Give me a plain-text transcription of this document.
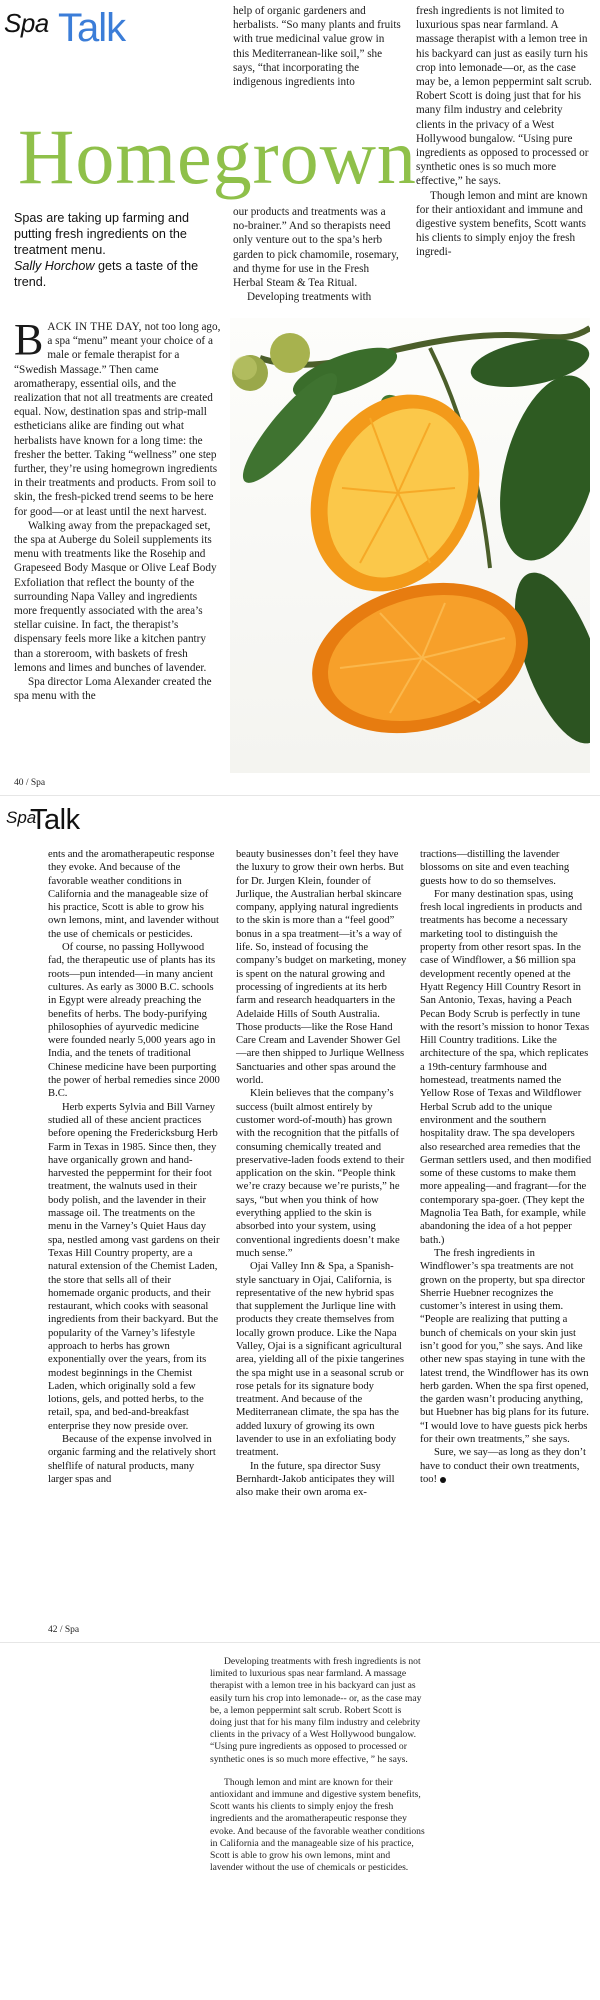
Spa Talk	help of organic gardeners and herbalists. “So many plants and fruits with true medicinal value grow in this Mediterranean-like soil,” she says, “that incorporating the indigenous ingredients into

our products and treatments was a no-brainer.” And so therapists need only venture out to the spa’s herb garden to pick chamomile, rosemary, and thyme for use in the Fresh Herbal Steam & Tea Ritual.

Developing treatments with

fresh ingredients is not limited to luxurious spas near farmland. A massage therapist with a lemon tree in his backyard can just as easily turn his crop into lemonade—or, as the case may be, a lemon peppermint salt scrub. Robert Scott is doing just that for his many film industry and celebrity clients in the privacy of a West Hollywood bungalow. “Using pure ingredients as opposed to processed or synthetic ones is so much more effective,” he says.

Though lemon and mint are known for their antioxidant and immune and digestive system benefits, Scott wants his clients to simply enjoy the fresh ingredi-

Homegrown
Spas are taking up farming and putting fresh ingredients on the treatment menu.
Sally Horchow gets a taste of the trend.

BACK IN THE DAY, not too long ago, a spa “menu” meant your choice of a male or female therapist for a “Swedish Massage.” Then came aromatherapy, essential oils, and the realization that not all treatments are created equal. Now, destination spas and strip-mall estheticians alike are finding out what herbalists have known for a long time: the fresher the better. Taking “wellness” one step further, they’re using homegrown ingredients in their treatments and products. From soil to skin, the fresh-picked trend seems to be here for good—or at least until the next harvest.

Walking away from the prepackaged set, the spa at Auberge du Soleil supplements its menu with treatments like the Rosehip and Grapeseed Body Masque or Olive Leaf Body Exfoliation that reflect the bounty of the surrounding Napa Valley and ingredients more frequently associated with the area’s stellar cuisine. In fact, the therapist’s dispensary feels more like a kitchen pantry than a storeroom, with baskets of fresh lemons and limes and bunches of lavender.

Spa director Loma Alexander created the spa menu with the

40 / Spa
Spa
Talk

ents and the aromatherapeutic response they evoke. And because of the favorable weather conditions in California and the manageable size of his practice, Scott is able to grow his own lemons, mint, and lavender without the use of chemicals or pesticides.

Of course, no passing Hollywood fad, the therapeutic use of plants has its roots—pun intended—in many ancient cultures. As early as 3000 B.C. schools in Egypt were already preaching the benefits of herbs. The body-purifying philosophies of ayurvedic medicine were founded nearly 5,000 years ago in India, and the tenets of traditional Chinese medicine have been purporting the power of herbal remedies since 2000 B.C.

Herb experts Sylvia and Bill Varney studied all of these ancient practices before opening the Fredericksburg Herb Farm in Texas in 1985. Since then, they have organically grown and hand-harvested the peppermint for their foot treatment, the walnuts used in their body polish, and the lavender in their massage oil. The treatments on the menu in the Varney’s Quiet Haus day spa, nestled among vast gardens on their Texas Hill Country property, are a natural extension of the Chemist Laden, the store that sells all of their homemade organic products, and their restaurant, which cooks with seasonal ingredients from their backyard. But the popularity of the Varney’s lifestyle approach to herbs has grown exponentially over the years, from its modest beginnings in the Chemist Laden, which originally sold a few lotions, gels, and potted herbs, to the retail, spa, and bed-and-breakfast enterprise they now preside over.

Because of the expense involved in organic farming and the relatively short shelflife of natural products, many larger spas and

beauty businesses don’t feel they have the luxury to grow their own herbs. But for Dr. Jurgen Klein, founder of Jurlique, the Australian herbal skincare company, applying natural ingredients to the skin is more than a “feel good” bonus in a spa treatment—it’s a way of life. So, instead of focusing the company’s budget on marketing, money is spent on the natural growing and processing of ingredients at its herb farm and research headquarters in the Adelaide Hills of South Australia. Those products—like the Rose Hand Care Cream and Lavender Shower Gel—are then shipped to Jurlique Wellness Sanctuaries and other spas around the world.

Klein believes that the company’s success (built almost entirely by customer word-of-mouth) has grown with the recognition that the pitfalls of consuming chemically treated and preservative-laden foods extend to their application on the skin. “People think we’re crazy because we’re purists,” he says, “but when you think of how everything applied to the skin is absorbed into your system, using conventional ingredients doesn’t make much sense.”

Ojai Valley Inn & Spa, a Spanish-style sanctuary in Ojai, California, is representative of the new hybrid spas that supplement the Jurlique line with products they create themselves from locally grown produce. Like the Napa Valley, Ojai is a significant agricultural area, yielding all of the pixie tangerines the spa might use in a seasonal scrub or rose petals for its signature body treatment. And because of the Mediterranean climate, the spa has the added luxury of growing its own lavender to use in an exfoliating body treatment.

In the future, spa director Susy Bernhardt-Jakob anticipates they will also make their own aroma ex-

tractions—distilling the lavender blossoms on site and even teaching guests how to do so themselves.

For many destination spas, using fresh local ingredients in products and treatments has become a necessary marketing tool to distinguish the property from other resort spas. In the case of Windflower, a $6 million spa development recently opened at the Hyatt Regency Hill Country Resort in San Antonio, Texas, having a Peach Pecan Body Scrub is perfectly in tune with the resort’s mission to honor Texas Hill Country traditions. Like the architecture of the spa, which replicates a 19th-century farmhouse and homestead, treatments named the Yellow Rose of Texas and Wildflower Herbal Scrub add to the unique environment and the southern hospitality draw. The spa developers also researched area remedies that the German settlers used, and then modified some of these customs to make them more appealing—and fragrant—for the contemporary spa-goer. (They kept the Magnolia Tea Bath, for example, while abandoning the idea of a hot pepper bath.)

The fresh ingredients in Windflower’s spa treatments are not grown on the property, but spa director Sherrie Huebner recognizes the customer’s interest in using them. “People are realizing that putting a bunch of chemicals on your skin just isn’t good for you,” she says. And like other new spas staying in tune with the latest trend, the Windflower has its own herb garden. When the spa first opened, the garden wasn’t producing anything, but Huebner has big plans for its future. “I would love to have guests pick herbs for their own treatments,” she says.

Sure, we say—as long as they don’t have to conduct their own treatments, too!

42 / Spa

Developing treatments with fresh ingredients is not limited to luxurious spas near farmland. A massage therapist with a lemon tree in his backyard can just as easily turn his crop into lemonade-- or, as the case may be, a lemon peppermint salt scrub. Robert Scott is doing just that for his many film industry and celebrity clients in the privacy of a West Hollywood bungalow. “Using pure ingredients as opposed to processed or synthetic ones is so much more effective, ” he says.

Though lemon and mint are known for their antioxidant and immune and digestive system benefits, Scott wants his clients to simply enjoy the fresh ingredients and the aromatherapeutic response they evoke. And because of the favorable weather conditions in California and the manageable size of his practice, Scott is able to grow his own lemons, mint and lavender without the use of chemicals or pesticides.
